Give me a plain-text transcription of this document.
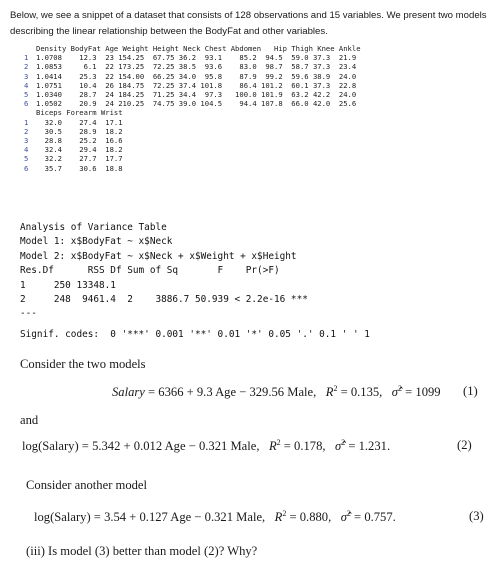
Below, we see a snippet of a dataset that consists of 128 observations and 15 variables. We present two models describing the linear relationship between the BodyFat and other variables.

Density BodyFat Age Weight Height Neck Chest Abdomen   Hip Thigh Knee Ankle
1 1.0708    12.3  23 154.25  67.75 36.2  93.1    85.2  94.5  59.0 37.3  21.9
2 1.0853     6.1  22 173.25  72.25 38.5  93.6    83.0  98.7  58.7 37.3  23.4
3 1.0414    25.3  22 154.00  66.25 34.0  95.8    87.9  99.2  59.6 38.9  24.0
4 1.0751    10.4  26 184.75  72.25 37.4 101.8    86.4 101.2  60.1 37.3  22.8
5 1.0340    28.7  24 184.25  71.25 34.4  97.3   100.0 101.9  63.2 42.2  24.0
6 1.0502    20.9  24 210.25  74.75 39.0 104.5    94.4 107.8  66.0 42.0  25.6
Biceps Forearm Wrist
1  32.0    27.4  17.1
2  30.5    28.9  18.2
3  28.8    25.2  16.6
4  32.4    29.4  18.2
5  32.2    27.7  17.7
6  35.7    30.6  18.8
Analysis of Variance Table
Model 1: x$BodyFat ~ x$Neck
Model 2: x$BodyFat ~ x$Neck + x$Weight + x$Height
Res.Df      RSS Df Sum of Sq       F    Pr(>F)
1     250 13348.1
2     248  9461.4  2    3886.7 50.939 < 2.2e-16 ***
---
Signif. codes:  0 '***' 0.001 '**' 0.01 '*' 0.05 '.' 0.1 ' ' 1
Consider the two models
Salary = 6366 + 9.3 Age − 329.56 Male, $R^2 = 0.135$, σ̂$^2$ = 1099 (1)
and
log(Salary) = 5.342 + 0.012 Age − 0.321 Male, $R^2 = 0.178$, σ̂$^2$ = 1.231.	(2)
Consider another model
log(Salary) = 3.54 + 0.127 Age − 0.321 Male, $R^2 = 0.880$, σ̂$^2$ = 0.757.	(3)
(iii) Is model (3) better than model (2)? Why?
